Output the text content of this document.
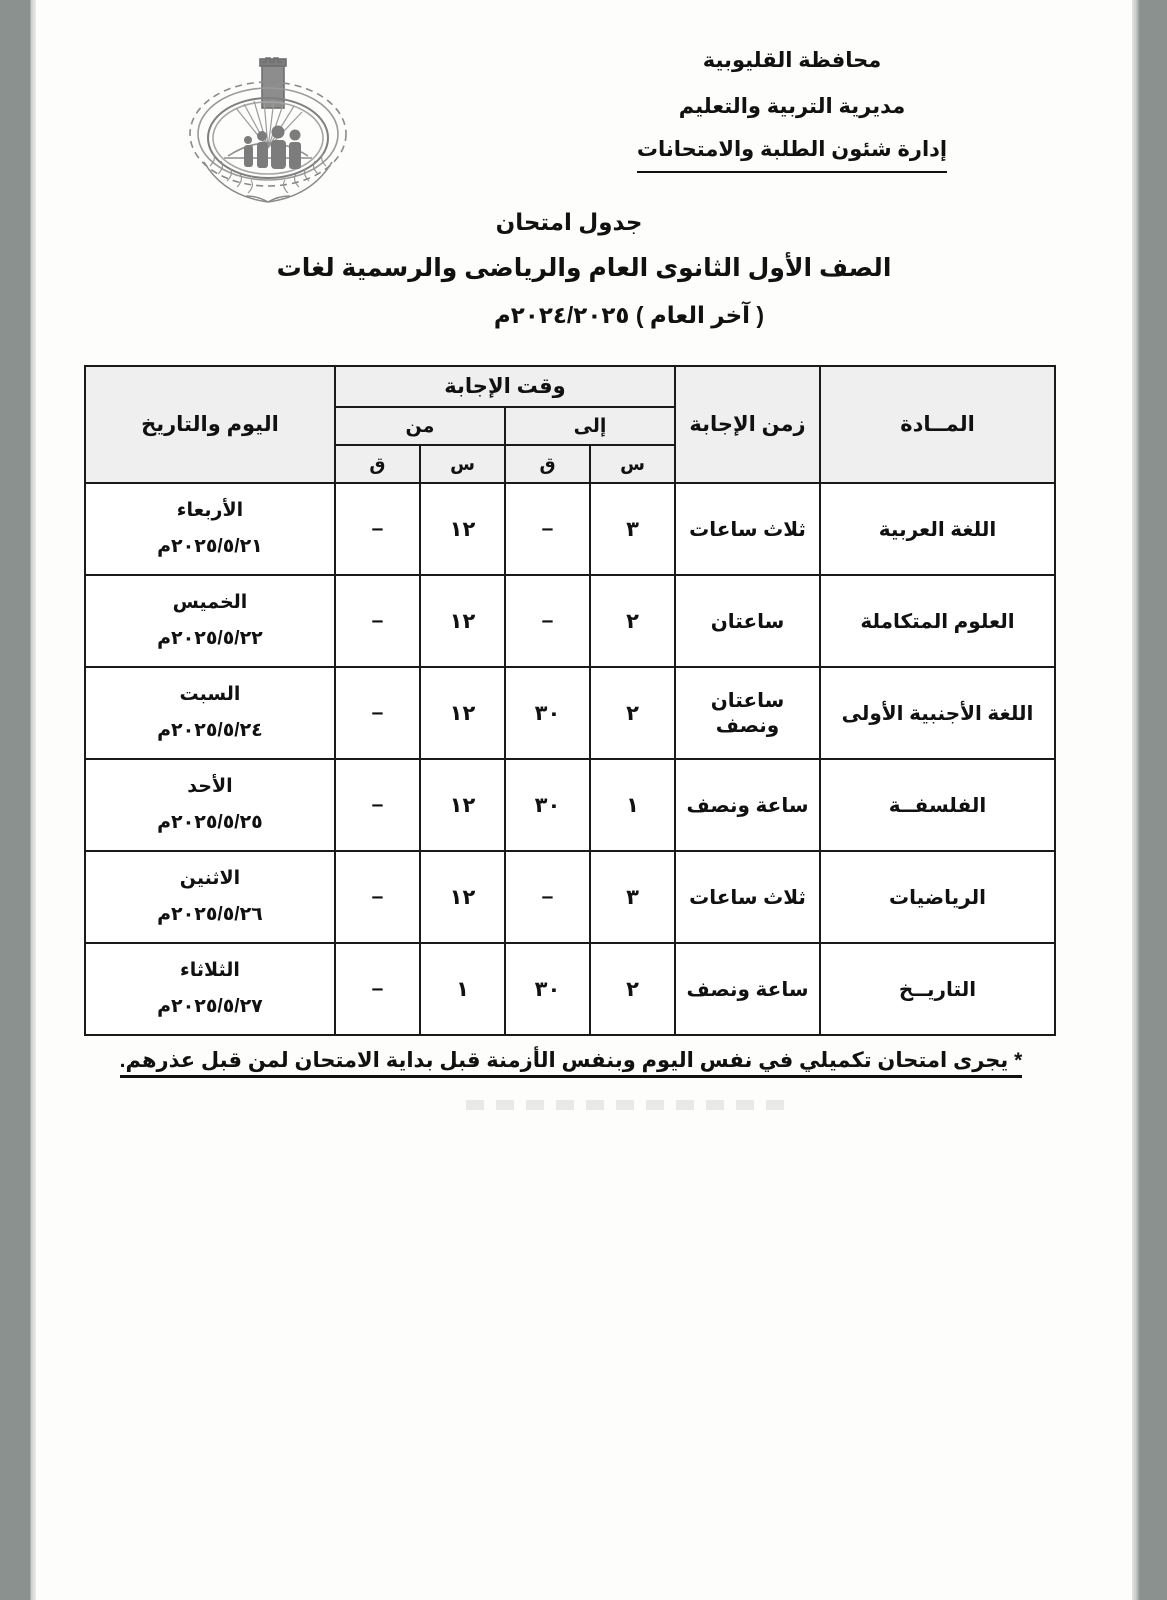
محافظة القليوبية
مديرية التربية والتعليم
إدارة شئون الطلبة والامتحانات
جدول امتحان
الصف الأول الثانوى العام والرياضى والرسمية لغات
( آخر العام ) ٢٠٢٤/٢٠٢٥م
المــادة	زمن الإجابة	وقت الإجابة				اليوم والتاريخ
		إلى		من		
		س	ق	س	ق	
اللغة العربية	ثلاث ساعات	٣	–	١٢	–	الأربعاء
٢٠٢٥/٥/٢١م

العلوم المتكاملة	ساعتان	٢	–	١٢	–	الخميس
٢٠٢٥/٥/٢٢م

اللغة الأجنبية الأولى	ساعتان ونصف	٢	٣٠	١٢	–	السبت
٢٠٢٥/٥/٢٤م

الفلسفــة	ساعة ونصف	١	٣٠	١٢	–	الأحد
٢٠٢٥/٥/٢٥م

الرياضيات	ثلاث ساعات	٣	–	١٢	–	الاثنين
٢٠٢٥/٥/٢٦م

التاريــخ	ساعة ونصف	٢	٣٠	١	–	الثلاثاء
٢٠٢٥/٥/٢٧م
* يجرى امتحان تكميلي في نفس اليوم وبنفس الأزمنة قبل بداية الامتحان لمن قبل عذرهم.
